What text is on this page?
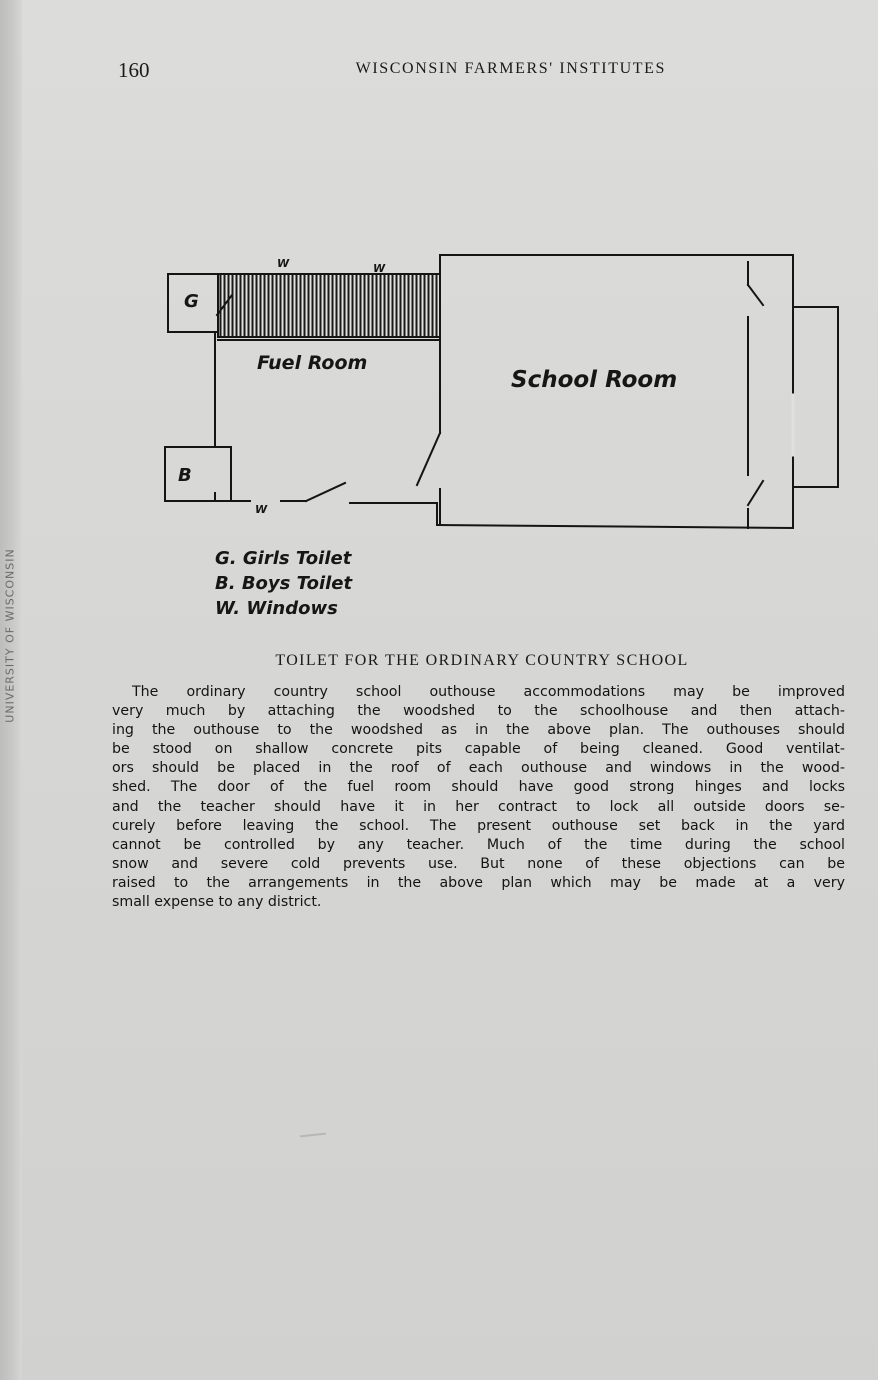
UNIVERSITY OF WISCONSIN
160	WISCONSIN FARMERS' INSTITUTES
G
B
W	W
W
Fuel Room
School Room
G. Girls Toilet
B. Boys Toilet
W. Windows
TOILET FOR THE ORDINARY COUNTRY SCHOOL

The ordinary country school outhouse accommodations may be improved
very much by attaching the woodshed to the schoolhouse and then attach-
ing the outhouse to the woodshed as in the above plan. The outhouses should
be stood on shallow concrete pits capable of being cleaned. Good ventilat-
ors should be placed in the roof of each outhouse and windows in the wood-
shed. The door of the fuel room should have good strong hinges and locks
and the teacher should have it in her contract to lock all outside doors se-
curely before leaving the school. The present outhouse set back in the yard
cannot be controlled by any teacher. Much of the time during the school
snow and severe cold prevents use. But none of these objections can be
raised to the arrangements in the above plan which may be made at a very
small expense to any district.
